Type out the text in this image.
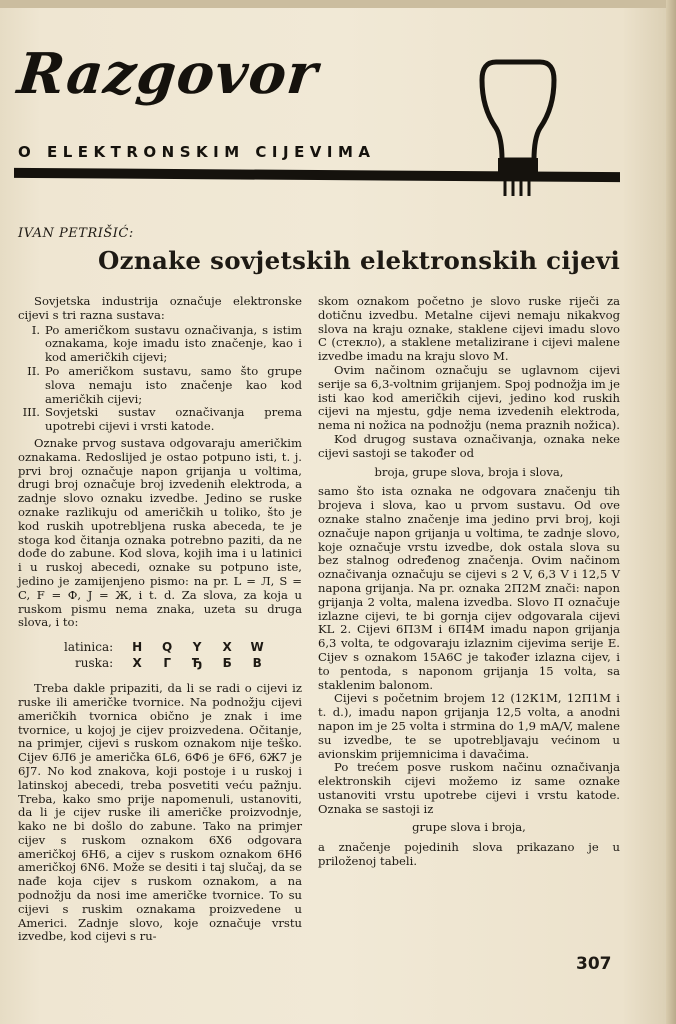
Razgovor
O ELEKTRONSKIM CIJEVIMA
IVAN PETRIŠIĆ:
Oznake sovjetskih elektronskih cijevi

Sovjetska industrija označuje elektronske cijevi s tri razna sustava:

I. Po američkom sustavu označivanja, s istim oznakama, koje imadu isto značenje, kao i kod američkih cijevi;
II. Po američkom sustavu, samo što grupe slova nemaju isto značenje kao kod američkih cijevi;
III. Sovjetski sustav označivanja prema upotrebi cijevi i vrsti katode.

Oznake prvog sustava odgovaraju američkim oznakama. Redoslijed je ostao potpuno isti, t. j. prvi broj označuje napon grijanja u voltima, drugi broj označuje broj izvedenih elektroda, a zadnje slovo oznaku izvedbe. Jedino se ruske oznake razlikuju od američkih u toliko, što je kod ruskih upotrebljena ruska abeceda, te je stoga kod čitanja oznaka potrebno paziti, da ne dođe do zabune. Kod slova, kojih ima i u latinici i u ruskoj abecedi, oznake su potpuno iste, jedino je zamijenjeno pismo: na pr. L = Л, S = C, F = Ф, J = Ж, i t. d. Za slova, za koja u ruskom pismu nema znaka, uzeta su druga slova, i to:

latinica:	H	Q	Y	X	W
ruska:	X	Г	Ђ	Б	В

Treba dakle pripaziti, da li se radi o cijevi iz ruske ili američke tvornice. Na podnožju cijevi američkih tvornica obično je znak i ime tvornice, u kojoj je cijev proizvedena. Očitanje, na primjer, cijevi s ruskom oznakom nije teško. Cijev 6Л6 je američka 6L6, 6Ф6 je 6F6, 6Ж7 je 6J7. No kod znakova, koji postoje i u ruskoj i latinskoj abecedi, treba posvetiti veću pažnju. Treba, kako smo prije napomenuli, ustanoviti, da li je cijev ruske ili američke proizvodnje, kako ne bi došlo do zabune. Tako na primjer cijev s ruskom oznakom 6X6 odgovara američkoj 6H6, a cijev s ruskom oznakom 6H6 američkoj 6N6. Može se desiti i taj slučaj, da se nađe koja cijev s ruskom oznakom, a na podnožju da nosi ime američke tvornice. To su cijevi s ruskim oznakama proizvedene u Americi. Zadnje slovo, koje označuje vrstu izvedbe, kod cijevi s ru-

skom oznakom početno je slovo ruske riječi za dotičnu izvedbu. Metalne cijevi nemaju nikakvog slova na kraju oznake, staklene cijevi imadu slovo C (стекло), a staklene metalizirane i cijevi malene izvedbe imadu na kraju slovo M.

Ovim načinom označuju se uglavnom cijevi serije sa 6,3-voltnim grijanjem. Spoj podnožja im je isti kao kod američkih cijevi, jedino kod ruskih cijevi na mjestu, gdje nema izvedenih elektroda, nema ni nožica na podnožju (nema praznih nožica).

Kod drugog sustava označivanja, oznaka neke cijevi sastoji se također od

broja, grupe slova, broja i slova,

samo što ista oznaka ne odgovara značenju tih brojeva i slova, kao u prvom sustavu. Od ove oznake stalno značenje ima jedino prvi broj, koji označuje napon grijanja u voltima, te zadnje slovo, koje označuje vrstu izvedbe, dok ostala slova su bez stalnog određenog značenja. Ovim načinom označivanja označuju se cijevi s 2 V, 6,3 V i 12,5 V napona grijanja. Na pr. oznaka 2П2М znači: napon grijanja 2 volta, malena izvedba. Slovo П označuje izlazne cijevi, te bi gornja cijev odgovarala cijevi KL 2. Cijevi 6П3М i 6П4М imadu napon grijanja 6,3 volta, te odgovaraju izlaznim cijevima serije E. Cijev s oznakom 15А6С je također izlazna cijev, i to pentoda, s naponom grijanja 15 volta, sa staklenim balonom.

Cijevi s početnim brojem 12 (12К1М, 12П1М i t. d.), imadu napon grijanja 12,5 volta, a anodni napon im je 25 volta i strmina do 1,9 mA/V, malene su izvedbe, te se upotrebljavaju većinom u avionskim prijemnicima i davačima.

Po trećem posve ruskom načinu označivanja elektronskih cijevi možemo iz same oznake ustanoviti vrstu upotrebe cijevi i vrstu katode. Oznaka se sastoji iz

grupe slova i broja,

a značenje pojedinih slova prikazano je u priloženoj tabeli.

307
